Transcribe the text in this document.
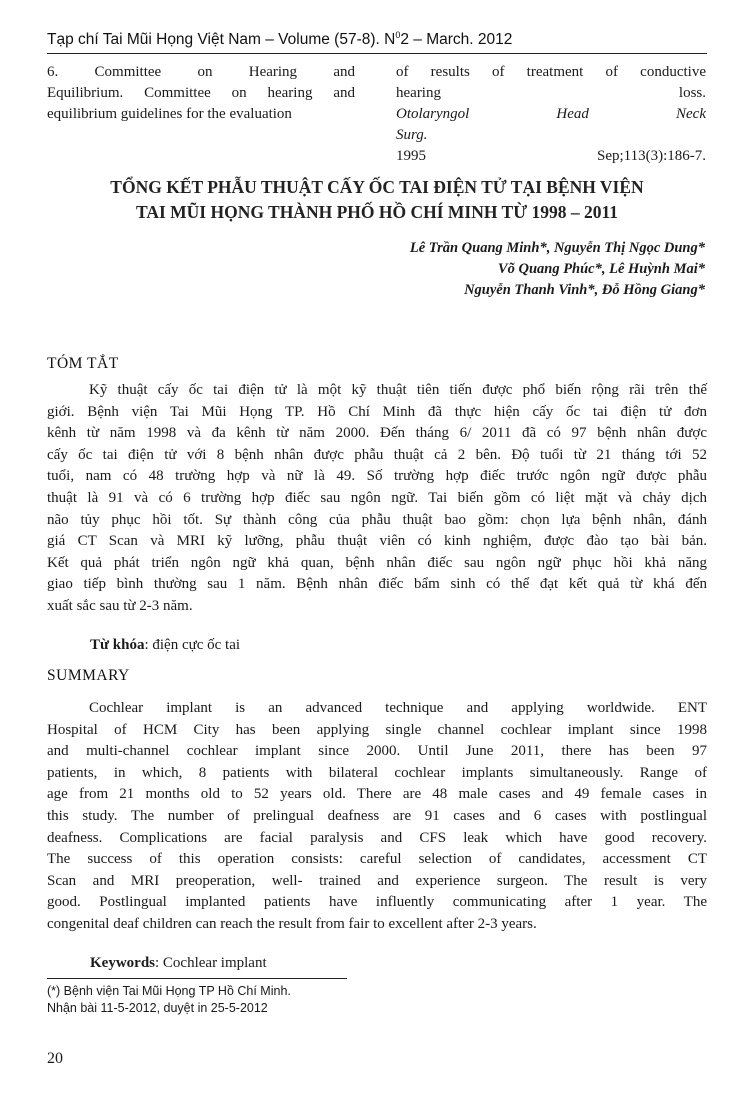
Tạp chí Tai Mũi Họng Việt Nam – Volume (57-8). $N^02$ – March. 2012
6. Committee on Hearing and
Equilibrium. Committee on hearing and
equilibrium guidelines for the evaluation
of results of treatment of conductive
hearing loss.
Otolaryngol Head Neck
Surg.
1995 Sep;113(3):186-7.
TỔNG KẾT PHẪU THUẬT CẤY ỐC TAI ĐIỆN TỬ TẠI BỆNH VIỆN
TAI MŨI HỌNG THÀNH PHỐ HỒ CHÍ MINH TỪ 1998 – 2011
Lê Trần Quang Minh*, Nguyễn Thị Ngọc Dung*
Võ Quang Phúc*, Lê Huỳnh Mai*
Nguyễn Thanh Vinh*, Đỗ Hồng Giang*
TÓM TẮT
Kỹ thuật cấy ốc tai điện tử là một kỹ thuật tiên tiến được phổ biến rộng rãi trên thế
giới. Bệnh viện Tai Mũi Họng TP. Hồ Chí Minh đã thực hiện cấy ốc tai điện tử đơn
kênh từ năm 1998 và đa kênh từ năm 2000. Đến tháng 6/ 2011 đã có 97 bệnh nhân được
cấy ốc tai điện tử với 8 bệnh nhân được phẫu thuật cả 2 bên. Độ tuổi từ 21 tháng tới 52
tuổi, nam có 48 trường hợp và nữ là 49. Số trường hợp điếc trước ngôn ngữ được phẫu
thuật là 91 và có 6 trường hợp điếc sau ngôn ngữ. Tai biến gồm có liệt mặt và chảy dịch
não tủy phục hồi tốt. Sự thành công của phẫu thuật bao gồm: chọn lựa bệnh nhân, đánh
giá CT Scan và MRI kỹ lưỡng, phẫu thuật viên có kinh nghiệm, được đào tạo bài bản.
Kết quả phát triển ngôn ngữ khả quan, bệnh nhân điếc sau ngôn ngữ phục hồi khả năng
giao tiếp bình thường sau 1 năm. Bệnh nhân điếc bẩm sinh có thể đạt kết quả từ khá đến
xuất sắc sau từ 2-3 năm.
Từ khóa: điện cực ốc tai
SUMMARY
Cochlear implant is an advanced technique and applying worldwide. ENT
Hospital of HCM City has been applying single channel cochlear implant since 1998
and multi-channel cochlear implant since 2000. Until June 2011, there has been 97
patients, in which, 8 patients with bilateral cochlear implants simultaneously. Range of
age from 21 months old to 52 years old. There are 48 male cases and 49 female cases in
this study. The number of prelingual deafness are 91 cases and 6 cases with postlingual
deafness. Complications are facial paralysis and CFS leak which have good recovery.
The success of this operation consists: careful selection of candidates, accessment CT
Scan and MRI preoperation, well- trained and experience surgeon. The result is very
good. Postlingual implanted patients have influently communicating after 1 year. The
congenital deaf children can reach the result from fair to excellent after 2-3 years.
Keywords: Cochlear implant
(*) Bệnh viện Tai Mũi Họng TP Hồ Chí Minh.
Nhận bài 11-5-2012, duyệt in 25-5-2012
20
